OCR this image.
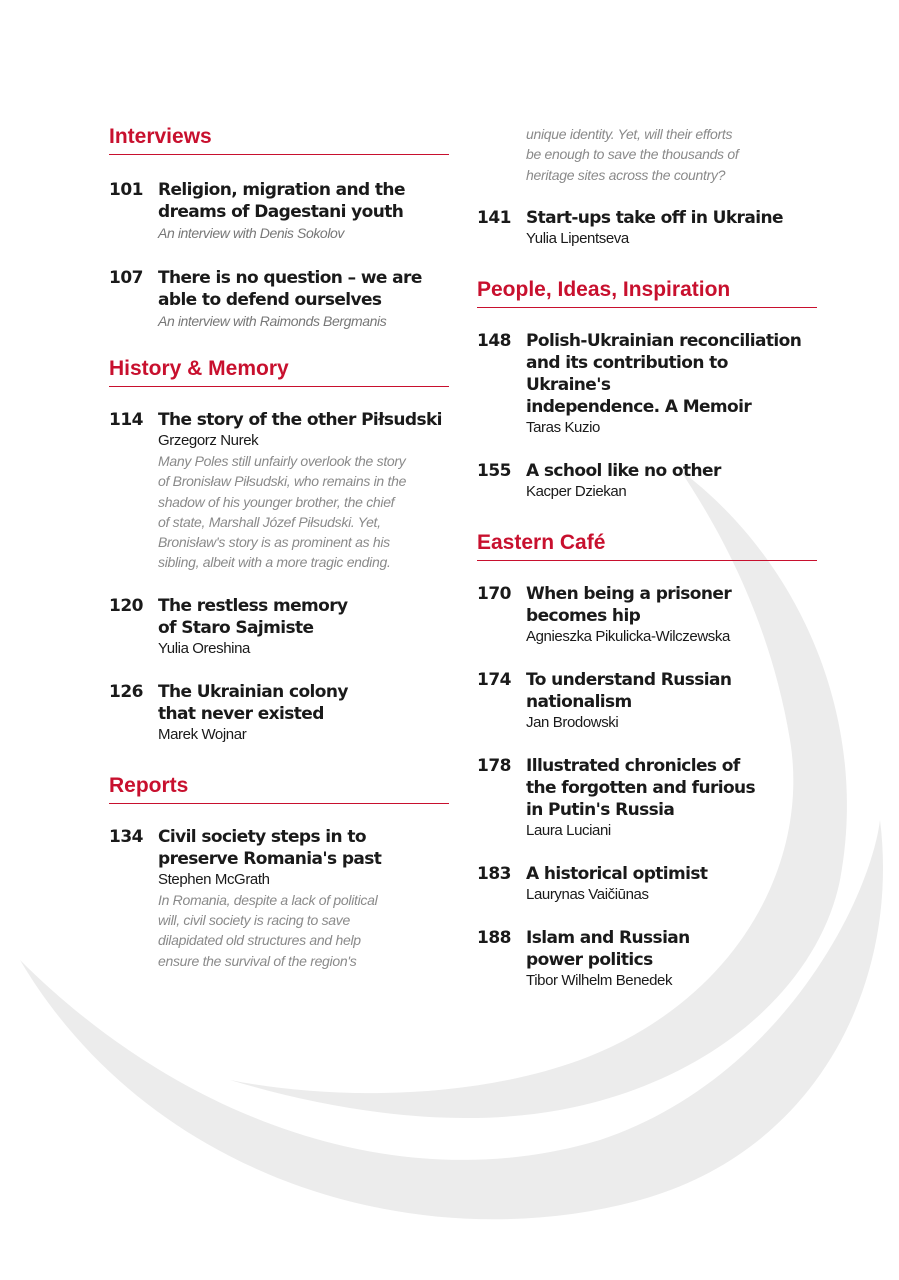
Interviews
101 Religion, migration and the
dreams of Dagestani youth
An interview with Denis Sokolov
107 There is no question – we are
able to defend ourselves
An interview with Raimonds Bergmanis
History & Memory
114 The story of the other Piłsudski
Grzegorz Nurek
Many Poles still unfairly overlook the story
of Bronisław Piłsudski, who remains in the
shadow of his younger brother, the chief
of state, Marshall Józef Piłsudski. Yet,
Bronisław's story is as prominent as his
sibling, albeit with a more tragic ending.
120 The restless memory
of Staro Sajmiste
Yulia Oreshina
126 The Ukrainian colony
that never existed
Marek Wojnar
Reports
134 Civil society steps in to
preserve Romania's past
Stephen McGrath
In Romania, despite a lack of political
will, civil society is racing to save
dilapidated old structures and help
ensure the survival of the region's
unique identity. Yet, will their efforts
be enough to save the thousands of
heritage sites across the country?
141 Start-ups take off in Ukraine
Yulia Lipentseva
People, Ideas, Inspiration
148 Polish-Ukrainian reconciliation
and its contribution to Ukraine's
independence. A Memoir
Taras Kuzio
155 A school like no other
Kacper Dziekan
Eastern Café
170 When being a prisoner
becomes hip
Agnieszka Pikulicka-Wilczewska
174 To understand Russian
nationalism
Jan Brodowski
178 Illustrated chronicles of
the forgotten and furious
in Putin's Russia
Laura Luciani
183 A historical optimist
Laurynas Vaičiūnas
188 Islam and Russian
power politics
Tibor Wilhelm Benedek
